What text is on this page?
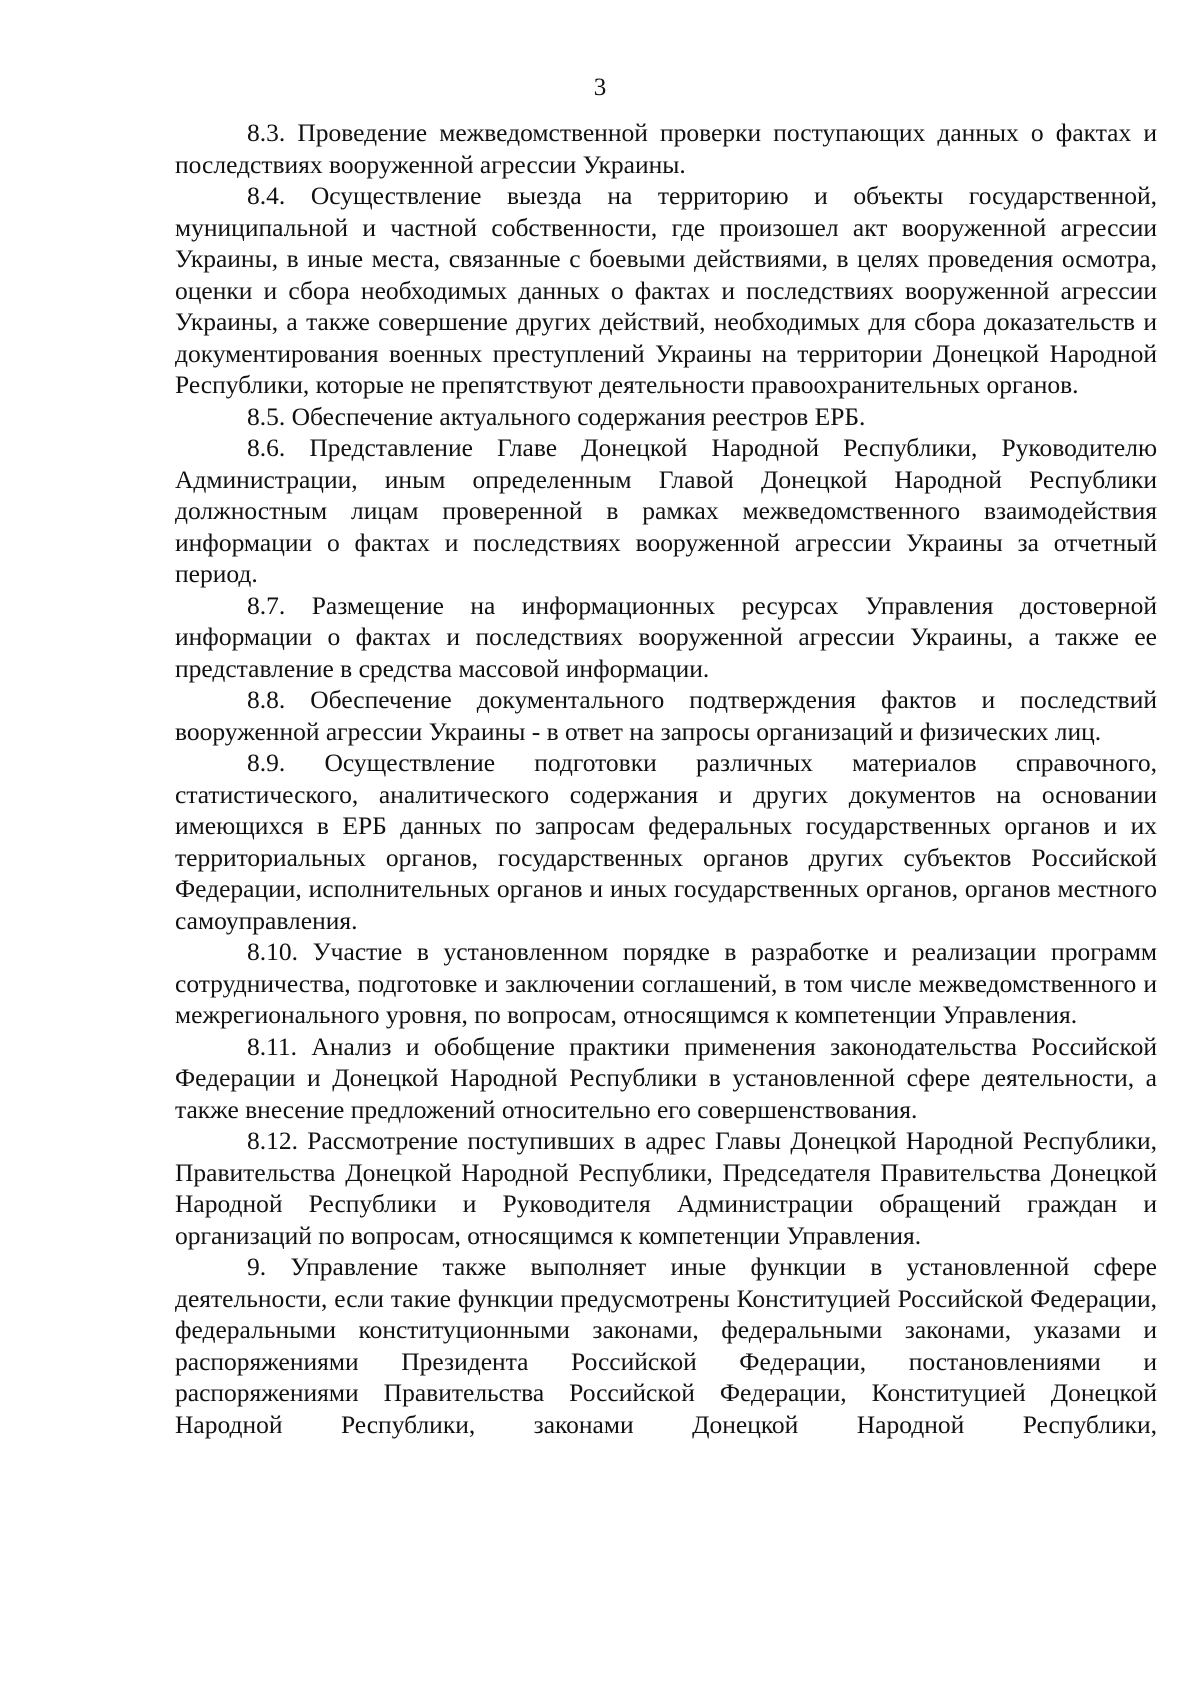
3

8.3. Проведение межведомственной проверки поступающих данных о фактах и последствиях вооруженной агрессии Украины.

8.4. Осуществление выезда на территорию и объекты государственной, муниципальной и частной собственности, где произошел акт вооруженной агрессии Украины, в иные места, связанные с боевыми действиями, в целях проведения осмотра, оценки и сбора необходимых данных о фактах и последствиях вооруженной агрессии Украины, а также совершение других действий, необходимых для сбора доказательств и документирования военных преступлений Украины на территории Донецкой Народной Республики, которые не препятствуют деятельности правоохранительных органов.

8.5. Обеспечение актуального содержания реестров ЕРБ.

8.6. Представление Главе Донецкой Народной Республики, Руководителю Администрации, иным определенным Главой Донецкой Народной Республики должностным лицам проверенной в рамках межведомственного взаимодействия информации о фактах и последствиях вооруженной агрессии Украины за отчетный период.

8.7. Размещение на информационных ресурсах Управления достоверной информации о фактах и последствиях вооруженной агрессии Украины, а также ее представление в средства массовой информации.

8.8. Обеспечение документального подтверждения фактов и последствий вооруженной агрессии Украины - в ответ на запросы организаций и физических лиц.

8.9. Осуществление подготовки различных материалов справочного, статистического, аналитического содержания и других документов на основании имеющихся в ЕРБ данных по запросам федеральных государственных органов и их территориальных органов, государственных органов других субъектов Российской Федерации, исполнительных органов и иных государственных органов, органов местного самоуправления.

8.10. Участие в установленном порядке в разработке и реализации программ сотрудничества, подготовке и заключении соглашений, в том числе межведомственного и межрегионального уровня, по вопросам, относящимся к компетенции Управления.

8.11. Анализ и обобщение практики применения законодательства Российской Федерации и Донецкой Народной Республики в установленной сфере деятельности, а также внесение предложений относительно его совершенствования.

8.12. Рассмотрение поступивших в адрес Главы Донецкой Народной Республики, Правительства Донецкой Народной Республики, Председателя Правительства Донецкой Народной Республики и Руководителя Администрации обращений граждан и организаций по вопросам, относящимся к компетенции Управления.

9. Управление также выполняет иные функции в установленной сфере деятельности, если такие функции предусмотрены Конституцией Российской Федерации, федеральными конституционными законами, федеральными законами, указами и распоряжениями Президента Российской Федерации, постановлениями и распоряжениями Правительства Российской Федерации, Конституцией Донецкой Народной Республики, законами Донецкой Народной Республики,
